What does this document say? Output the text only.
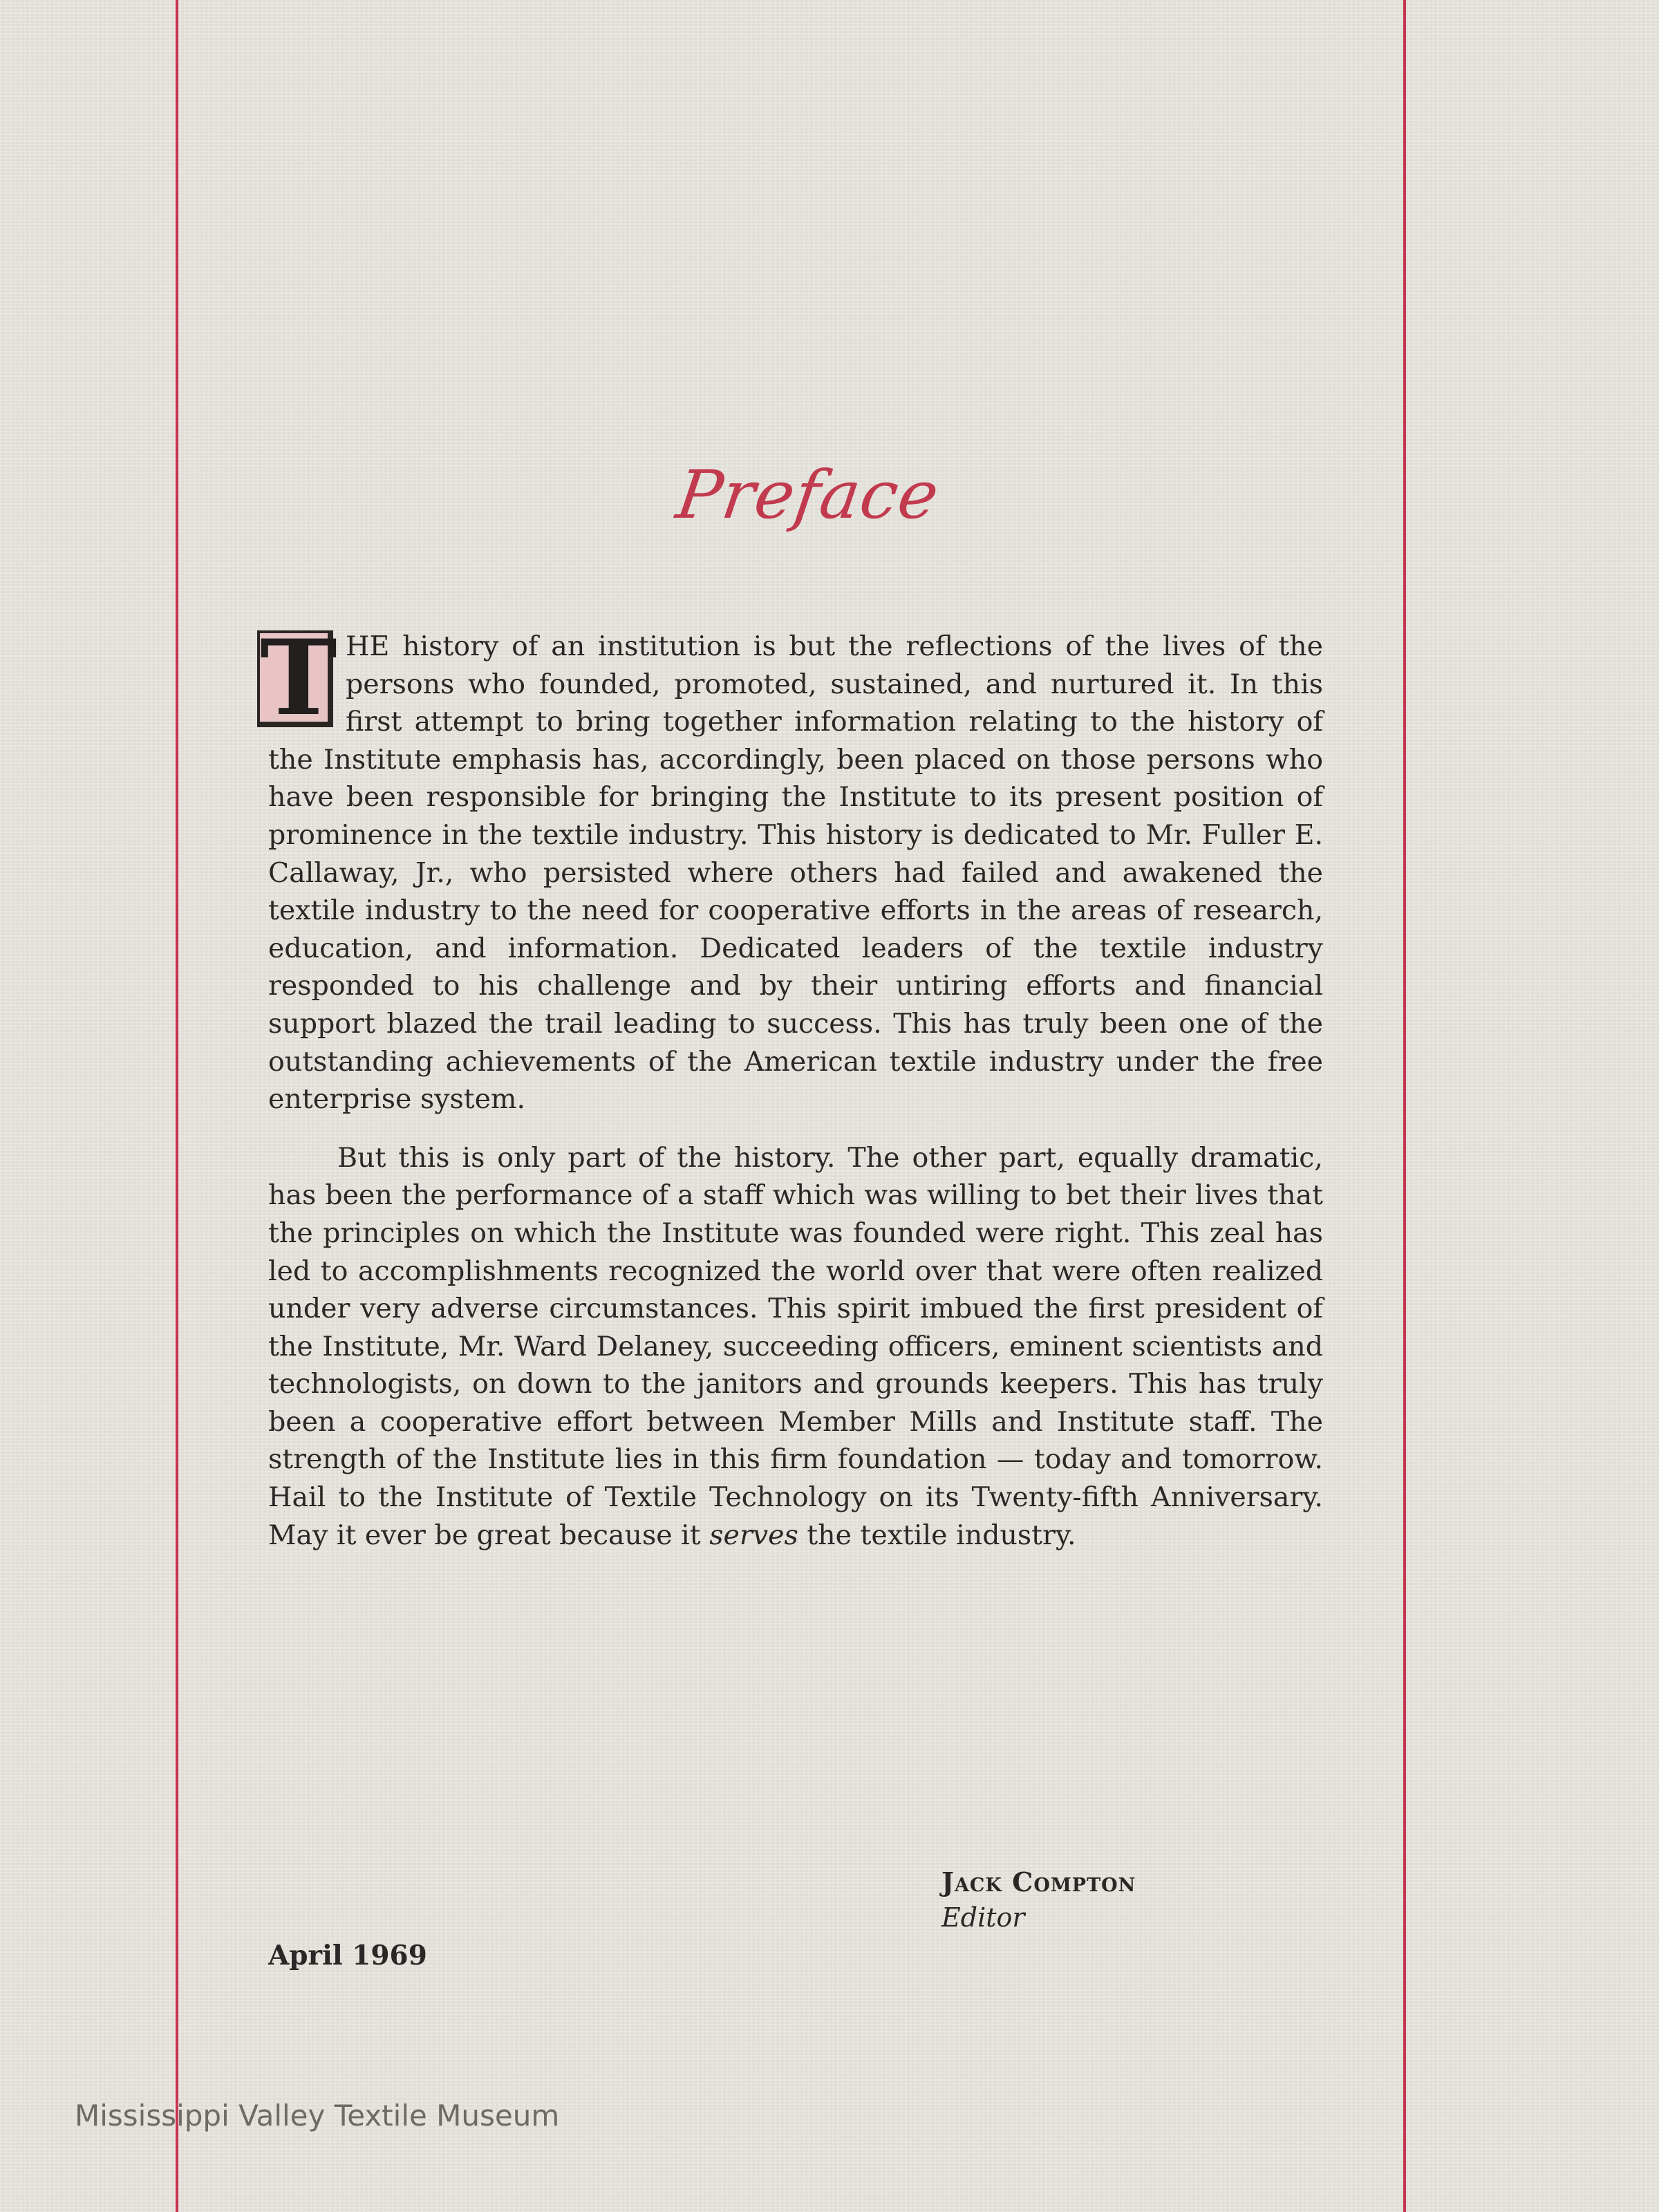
Preface

T HE history of an institution is but the reflections of the lives of the persons who founded, promoted, sustained, and nurtured it. In this first attempt to bring together information relating to the history of the Institute emphasis has, accordingly, been placed on those persons who have been responsible for bringing the Institute to its present position of prominence in the textile industry. This history is dedicated to Mr. Fuller E. Callaway, Jr., who persisted where others had failed and awakened the textile industry to the need for cooperative efforts in the areas of research, education, and information. Dedicated leaders of the textile industry responded to his challenge and by their untiring efforts and financial support blazed the trail leading to success. This has truly been one of the outstanding achievements of the American textile industry under the free enterprise system.

But this is only part of the history. The other part, equally dramatic, has been the performance of a staff which was willing to bet their lives that the principles on which the Institute was founded were right. This zeal has led to accomplishments recognized the world over that were often realized under very adverse circumstances. This spirit imbued the first president of the Institute, Mr. Ward Delaney, succeeding officers, eminent scientists and technologists, on down to the janitors and grounds keepers. This has truly been a cooperative effort between Member Mills and Institute staff. The strength of the Institute lies in this firm foundation — today and tomorrow. Hail to the Institute of Textile Technology on its Twenty-fifth Anniversary. May it ever be great because it serves the textile industry.

Jack Compton
Editor
April 1969
Mississippi Valley Textile Museum
